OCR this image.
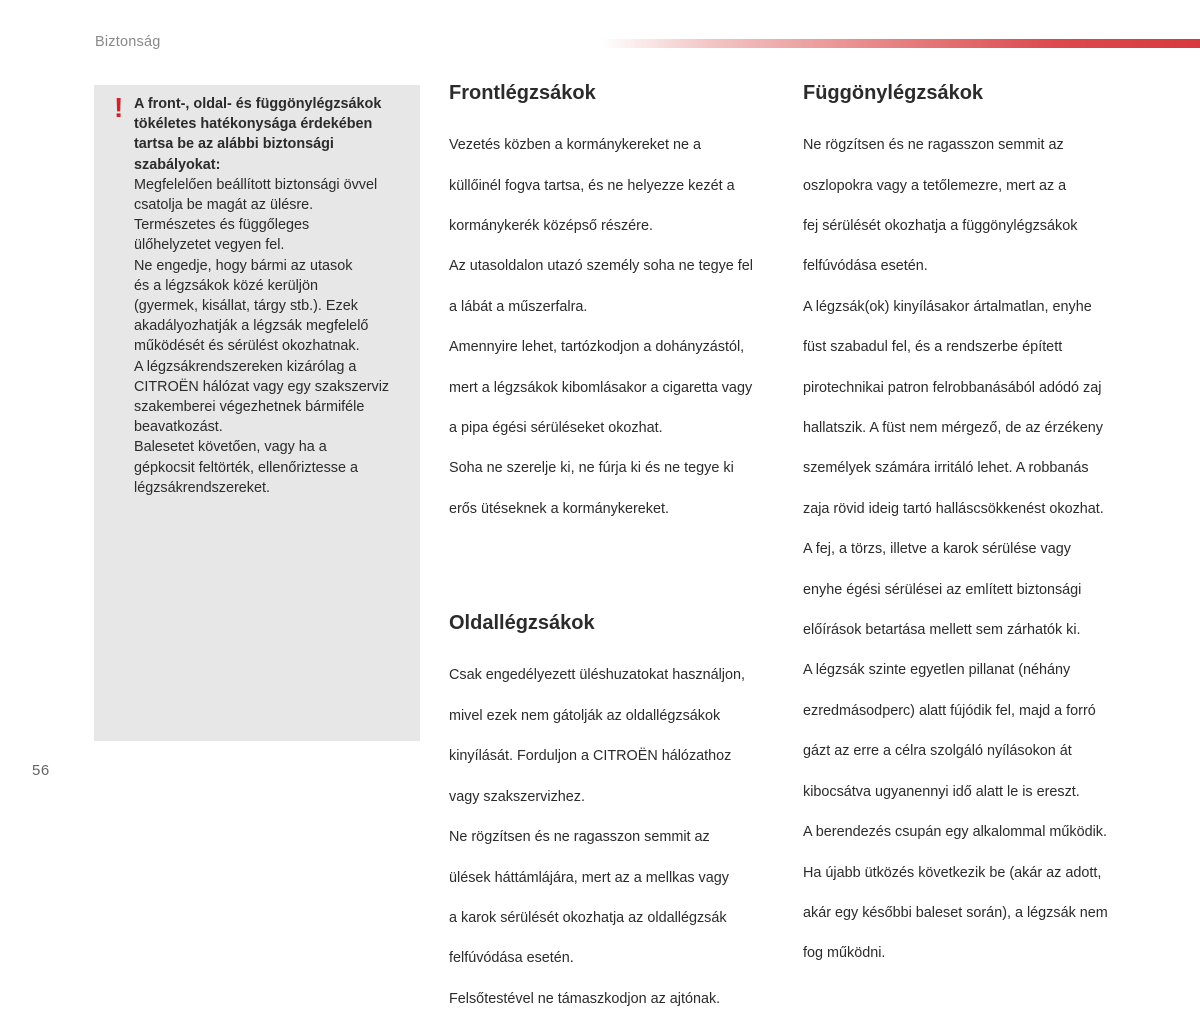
Biztonság
! A front-, oldal- és függönylégzsákok
tökéletes hatékonysága érdekében
tartsa be az alábbi biztonsági
szabályokat:
Megfelelően beállított biztonsági övvel
csatolja be magát az ülésre.
Természetes és függőleges
ülőhelyzetet vegyen fel.
Ne engedje, hogy bármi az utasok
és a légzsákok közé kerüljön
(gyermek, kisállat, tárgy stb.). Ezek
akadályozhatják a légzsák megfelelő
működését és sérülést okozhatnak.
A légzsákrendszereken kizárólag a
CITROËN hálózat vagy egy szakszerviz
szakemberei végezhetnek bármiféle
beavatkozást.
Balesetet követően, vagy ha a
gépkocsit feltörték, ellenőriztesse a
légzsákrendszereket.
Frontlégzsákok

Vezetés közben a kormánykereket ne a

küllőinél fogva tartsa, és ne helyezze kezét a

kormánykerék középső részére.

Az utasoldalon utazó személy soha ne tegye fel

a lábát a műszerfalra.

Amennyire lehet, tartózkodjon a dohányzástól,

mert a légzsákok kibomlásakor a cigaretta vagy

a pipa égési sérüléseket okozhat.

Soha ne szerelje ki, ne fúrja ki és ne tegye ki

erős ütéseknek a kormánykereket.

Oldallégzsákok

Csak engedélyezett üléshuzatokat használjon,

mivel ezek nem gátolják az oldallégzsákok

kinyílását. Forduljon a CITROËN hálózathoz

vagy szakszervizhez.

Ne rögzítsen és ne ragasszon semmit az

ülések háttámlájára, mert az a mellkas vagy

a karok sérülését okozhatja az oldallégzsák

felfúvódása esetén.

Felsőtestével ne támaszkodjon az ajtónak.

Függönylégzsákok

Ne rögzítsen és ne ragasszon semmit az

oszlopokra vagy a tetőlemezre, mert az a

fej sérülését okozhatja a függönylégzsákok

felfúvódása esetén.

A légzsák(ok) kinyílásakor ártalmatlan, enyhe

füst szabadul fel, és a rendszerbe épített

pirotechnikai patron felrobbanásából adódó zaj

hallatszik. A füst nem mérgező, de az érzékeny

személyek számára irritáló lehet. A robbanás

zaja rövid ideig tartó halláscsökkenést okozhat.

A fej, a törzs, illetve a karok sérülése vagy

enyhe égési sérülései az említett biztonsági

előírások betartása mellett sem zárhatók ki.

A légzsák szinte egyetlen pillanat (néhány

ezredmásodperc) alatt fújódik fel, majd a forró

gázt az erre a célra szolgáló nyílásokon át

kibocsátva ugyanennyi idő alatt le is ereszt.

A berendezés csupán egy alkalommal működik.

Ha újabb ütközés következik be (akár az adott,

akár egy későbbi baleset során), a légzsák nem

fog működni.

56
